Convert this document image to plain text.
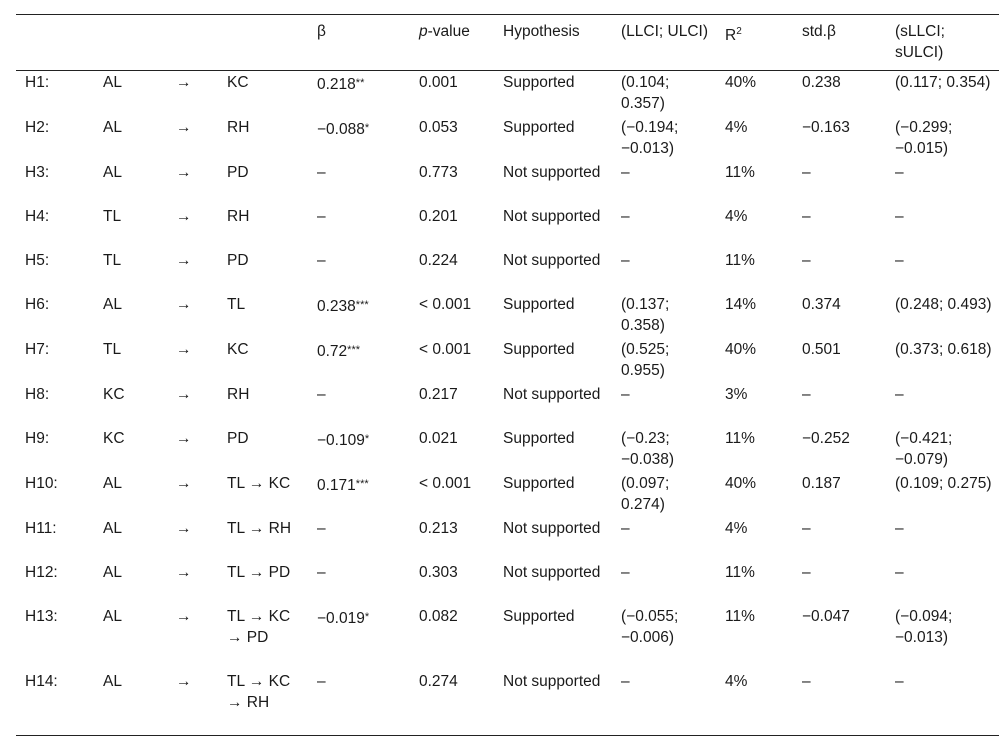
				β	p-value	Hypothesis	(LLCI; ULCI)	$R^2$	std.β	(sLLCI; sULCI)
H1:	AL	→	KC	0.218**	0.001	Supported	(0.104; 0.357)	40%	0.238	(0.117; 0.354)
H2:	AL	→	RH	−0.088*	0.053	Supported	(−0.194; −0.013)	4%	−0.163	(−0.299; −0.015)
H3:	AL	→	PD	–	0.773	Not supported	–	11%	–	–
H4:	TL	→	RH	–	0.201	Not supported	–	4%	–	–
H5:	TL	→	PD	–	0.224	Not supported	–	11%	–	–
H6:	AL	→	TL	0.238***	< 0.001	Supported	(0.137; 0.358)	14%	0.374	(0.248; 0.493)
H7:	TL	→	KC	0.72***	< 0.001	Supported	(0.525; 0.955)	40%	0.501	(0.373; 0.618)
H8:	KC	→	RH	–	0.217	Not supported	–	3%	–	–
H9:	KC	→	PD	−0.109*	0.021	Supported	(−0.23; −0.038)	11%	−0.252	(−0.421; −0.079)
H10:	AL	→	TL → KC	0.171***	< 0.001	Supported	(0.097; 0.274)	40%	0.187	(0.109; 0.275)
H11:	AL	→	TL → RH	–	0.213	Not supported	–	4%	–	–
H12:	AL	→	TL → PD	–	0.303	Not supported	–	11%	–	–
H13:	AL	→	TL → KC → PD	−0.019*	0.082	Supported	(−0.055; −0.006)	11%	−0.047	(−0.094; −0.013)
H14:	AL	→	TL → KC → RH	–	0.274	Not supported	–	4%	–	–
